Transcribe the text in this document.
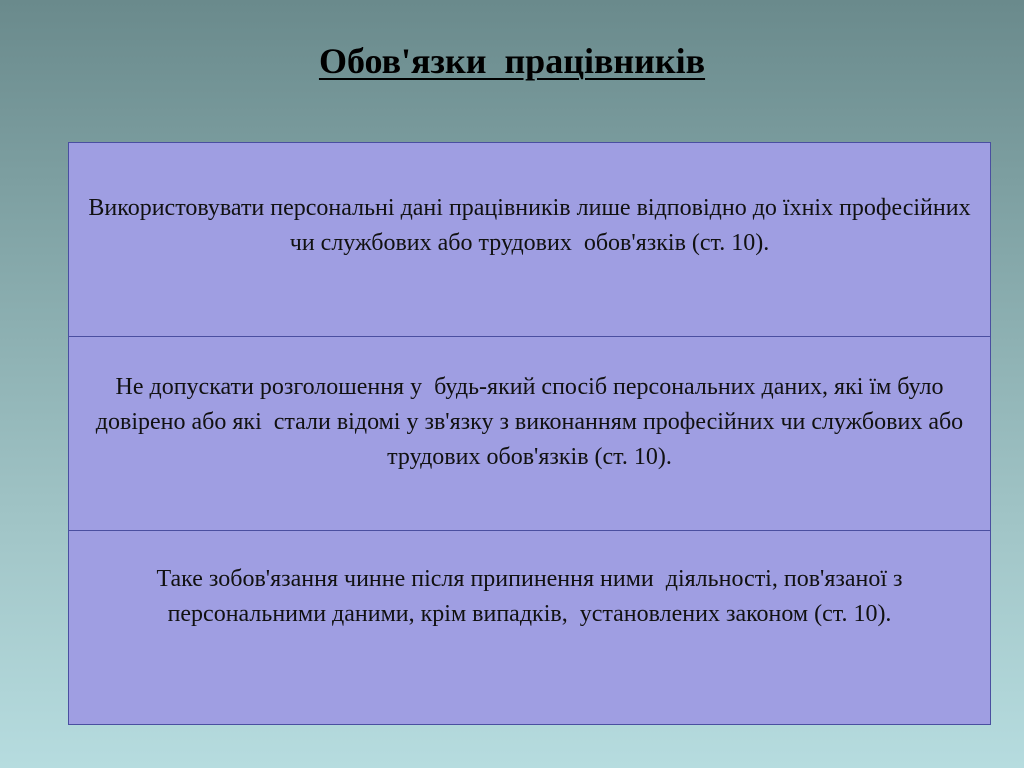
Обов'язки  працівників
Використовувати персональні дані працівників лише відповідно до їхніх професійних чи службових або трудових  обов'язків (ст. 10).

Не допускати розголошення у  будь-який спосіб персональних даних, які їм було довірено або які  стали відомі у зв'язку з виконанням професійних чи службових або  трудових обов'язків (ст. 10).

Таке зобов'язання чинне після припинення ними  діяльності, пов'язаної з персональними даними, крім випадків,  установлених законом (ст. 10).
